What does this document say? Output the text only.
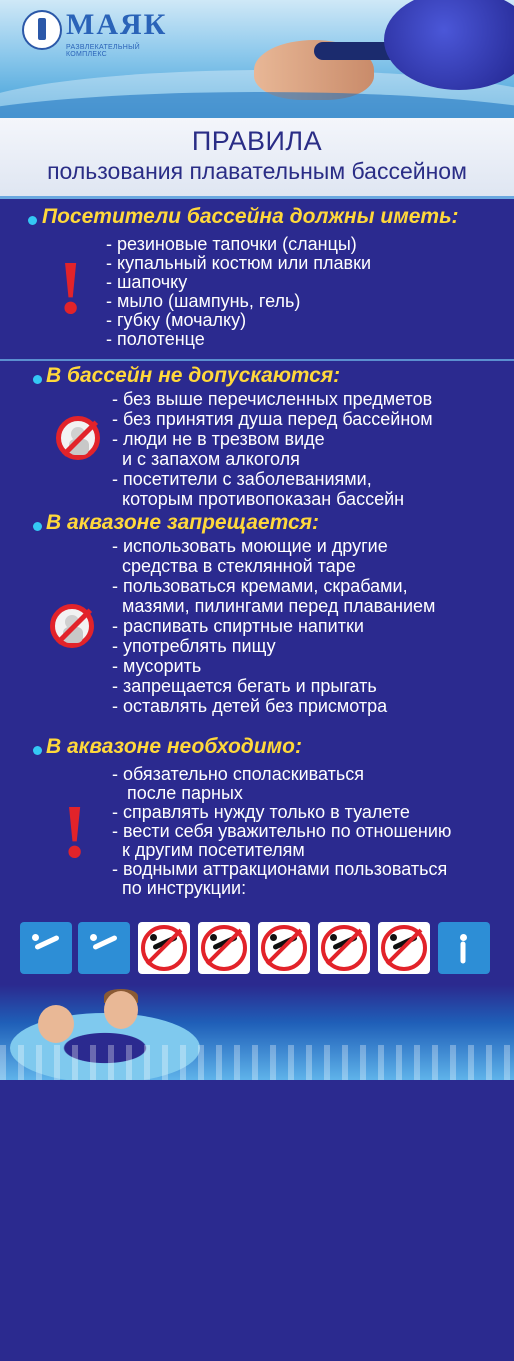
МАЯК
РАЗВЛЕКАТЕЛЬНЫЙ КОМПЛЕКС
ПРАВИЛА
пользования плавательным бассейном
Посетители бассейна должны иметь:
!
- резиновые тапочки (сланцы)
- купальный костюм или плавки
- шапочку
- мыло (шампунь, гель)
- губку (мочалку)
- полотенце
В бассейн не допускаются:
- без выше перечисленных предметов
- без принятия душа перед бассейном
- люди не в трезвом виде
и с запахом алкоголя
- посетители с заболеваниями,
которым противопоказан бассейн
В аквазоне запрещается:
- использовать моющие и другие
средства в стеклянной таре
- пользоваться кремами, скрабами,
мазями, пилингами перед плаванием
- распивать спиртные напитки
- употреблять пищу
- мусорить
- запрещается бегать и прыгать
- оставлять детей без присмотра
В аквазоне необходимо:
!
- обязательно споласкиваться
после парных
- справлять нужду только в туалете
- вести себя уважительно по отношению
к другим посетителям
- водными аттракционами пользоваться
по инструкции:
